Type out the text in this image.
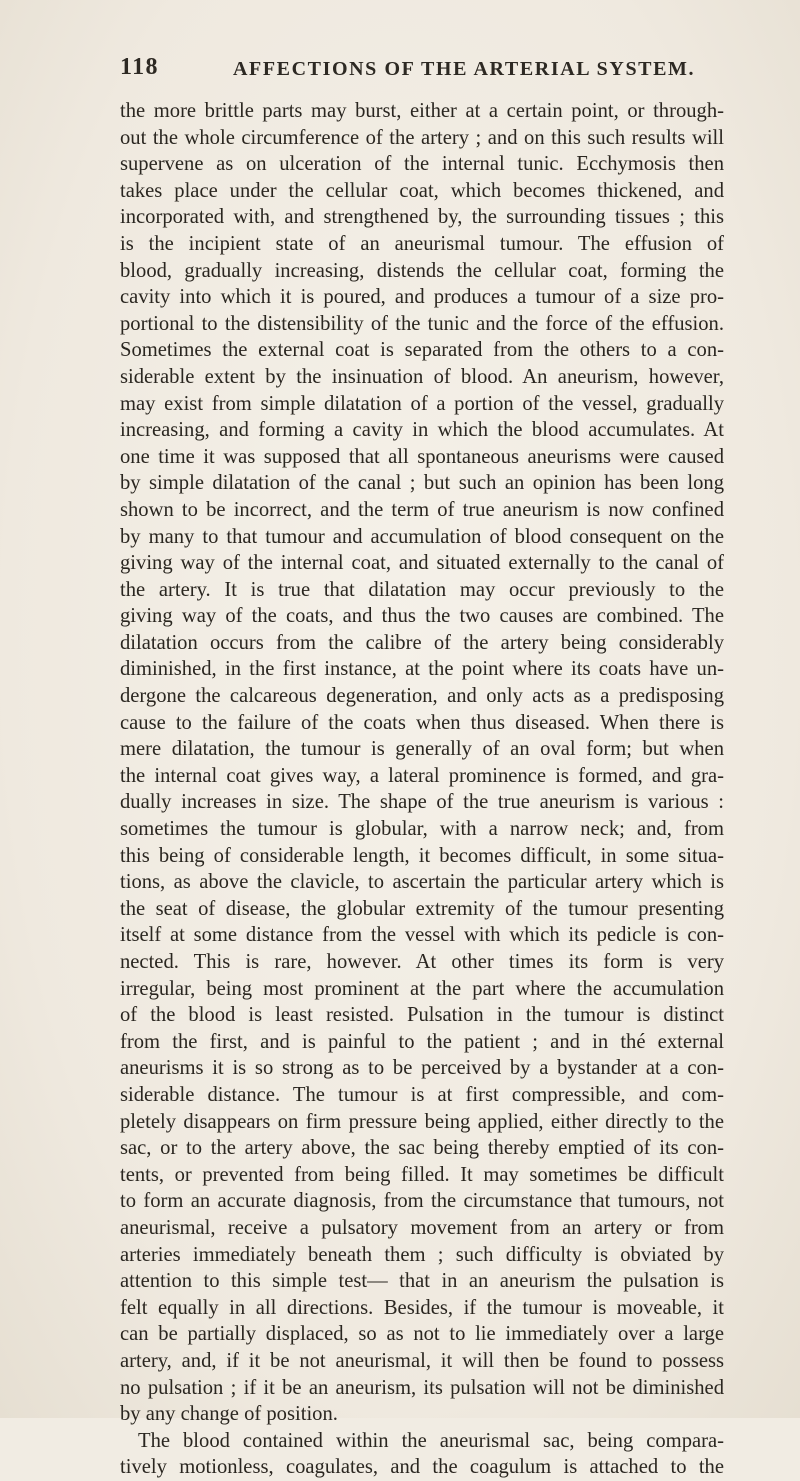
118	AFFECTIONS OF THE ARTERIAL SYSTEM.
the more brittle parts may burst, either at a certain point, or through-
out the whole circumference of the artery ; and on this such results will
supervene as on ulceration of the internal tunic. Ecchymosis then
takes place under the cellular coat, which becomes thickened, and
incorporated with, and strengthened by, the surrounding tissues ; this
is the incipient state of an aneurismal tumour. The effusion of
blood, gradually increasing, distends the cellular coat, forming the
cavity into which it is poured, and produces a tumour of a size pro-
portional to the distensibility of the tunic and the force of the effusion.
Sometimes the external coat is separated from the others to a con-
siderable extent by the insinuation of blood. An aneurism, however,
may exist from simple dilatation of a portion of the vessel, gradually
increasing, and forming a cavity in which the blood accumulates. At
one time it was supposed that all spontaneous aneurisms were caused
by simple dilatation of the canal ; but such an opinion has been long
shown to be incorrect, and the term of true aneurism is now confined
by many to that tumour and accumulation of blood consequent on the
giving way of the internal coat, and situated externally to the canal of
the artery. It is true that dilatation may occur previously to the
giving way of the coats, and thus the two causes are combined. The
dilatation occurs from the calibre of the artery being considerably
diminished, in the first instance, at the point where its coats have un-
dergone the calcareous degeneration, and only acts as a predisposing
cause to the failure of the coats when thus diseased. When there is
mere dilatation, the tumour is generally of an oval form; but when
the internal coat gives way, a lateral prominence is formed, and gra-
dually increases in size. The shape of the true aneurism is various :
sometimes the tumour is globular, with a narrow neck; and, from
this being of considerable length, it becomes difficult, in some situa-
tions, as above the clavicle, to ascertain the particular artery which is
the seat of disease, the globular extremity of the tumour presenting
itself at some distance from the vessel with which its pedicle is con-
nected. This is rare, however. At other times its form is very
irregular, being most prominent at the part where the accumulation
of the blood is least resisted. Pulsation in the tumour is distinct
from the first, and is painful to the patient ; and in thé external
aneurisms it is so strong as to be perceived by a bystander at a con-
siderable distance. The tumour is at first compressible, and com-
pletely disappears on firm pressure being applied, either directly to the
sac, or to the artery above, the sac being thereby emptied of its con-
tents, or prevented from being filled. It may sometimes be difficult
to form an accurate diagnosis, from the circumstance that tumours, not
aneurismal, receive a pulsatory movement from an artery or from
arteries immediately beneath them ; such difficulty is obviated by
attention to this simple test— that in an aneurism the pulsation is
felt equally in all directions. Besides, if the tumour is moveable, it
can be partially displaced, so as not to lie immediately over a large
artery, and, if it be not aneurismal, it will then be found to possess
no pulsation ; if it be an aneurism, its pulsation will not be diminished
by any change of position.
The blood contained within the aneurismal sac, being compara-
tively motionless, coagulates, and the coagulum is attached to the
